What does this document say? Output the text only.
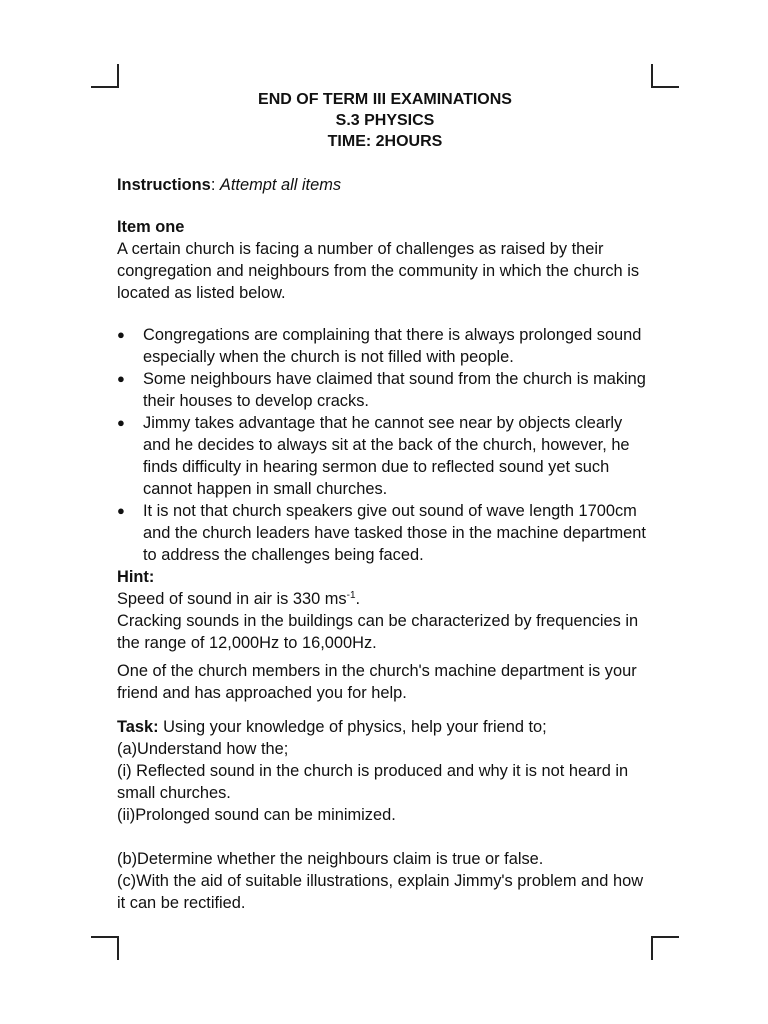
END OF TERM III EXAMINATIONS
S.3 PHYSICS
TIME: 2HOURS

Instructions: Attempt all items

Item one

A certain church is facing a number of challenges as raised by their congregation and neighbours from the community in which the church is located as listed below.

● Congregations are complaining that there is always prolonged sound especially when the church is not filled with people.
● Some neighbours have claimed that sound from the church is making their houses to develop cracks.
● Jimmy takes advantage that he cannot see near by objects clearly and he decides to always sit at the back of the church, however, he finds difficulty in hearing sermon due to reflected sound yet such cannot happen in small churches.
● It is not that church speakers give out sound of wave length 1700cm and the church leaders have tasked those in the machine department to address the challenges being faced.

Hint:

Speed of sound in air is 330 $ms^{-1}$.

Cracking sounds in the buildings can be characterized by frequencies in the range of 12,000Hz to 16,000Hz.

One of the church members in the church's machine department is your friend and has approached you for help.

Task: Using your knowledge of physics, help your friend to;

(a)Understand how the;

(i) Reflected sound in the church is produced and why it is not heard in small churches.

(ii)Prolonged sound can be minimized.

(b)Determine whether the neighbours claim is true or false.

(c)With the aid of suitable illustrations, explain Jimmy's problem and how it can be rectified.
